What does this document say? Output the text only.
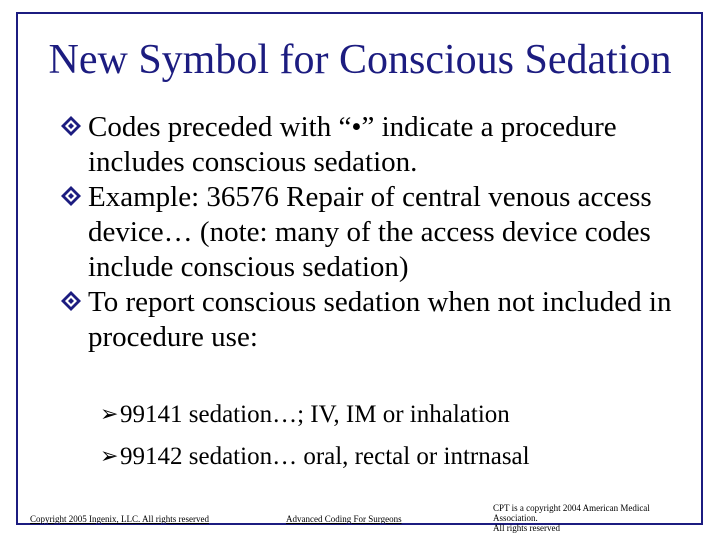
New Symbol for Conscious Sedation
Codes preceded with “•” indicate a procedure includes conscious sedation.
Example: 36576 Repair of central venous access device… (note: many of the access device codes include conscious sedation)
To report conscious sedation when not included in procedure use:
➢ 99141 sedation…; IV, IM or inhalation
➢ 99142 sedation… oral, rectal or intrnasal
Copyright 2005 Ingenix, LLC. All rights reserved	Advanced Coding For Surgeons
CPT is a copyright 2004 American Medical Association.
All rights reserved
